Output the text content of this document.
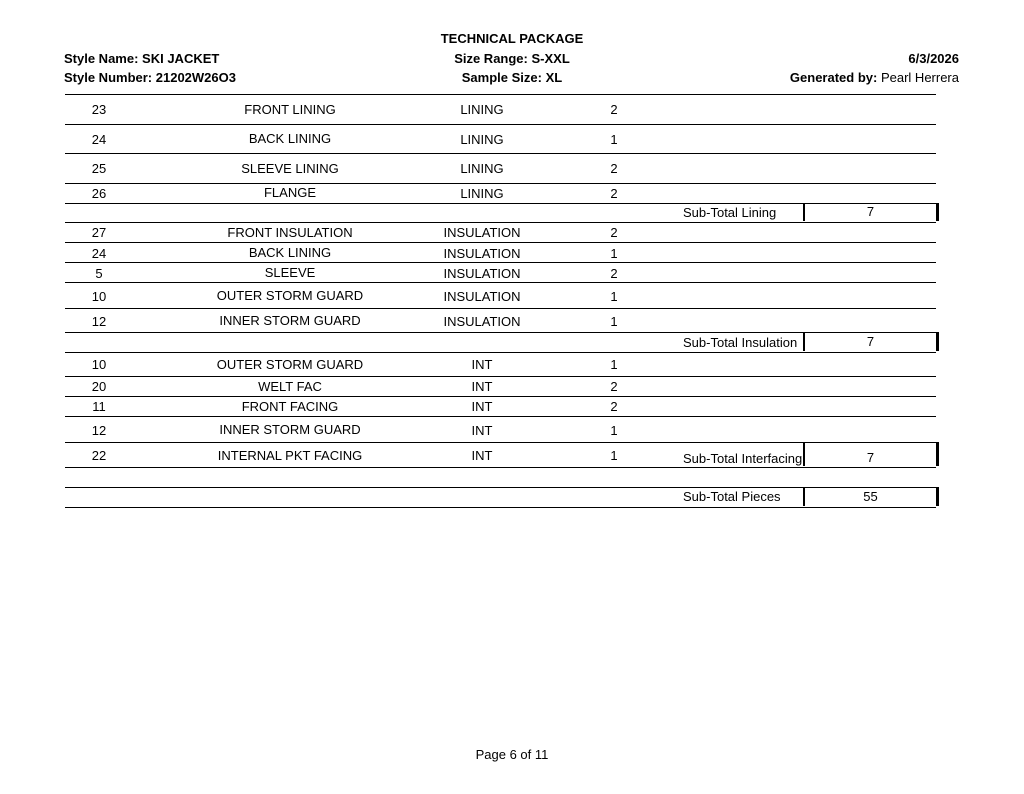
TECHNICAL PACKAGE
Style Name: SKI JACKET
Style Number: 21202W26O3
Size Range: S-XXL
Sample Size: XL
6/3/2026
Generated by: Pearl Herrera
23	FRONT LINING	LINING	2
24	BACK LINING	LINING	1
25	SLEEVE LINING	LINING	2
26	FLANGE	LINING	2
27	FRONT INSULATION	INSULATION	2
24	BACK LINING	INSULATION	1
5	SLEEVE	INSULATION	2
10	OUTER STORM GUARD	INSULATION	1
12	INNER STORM GUARD	INSULATION	1
10	OUTER STORM GUARD	INT	1
20	WELT FAC	INT	2
11	FRONT FACING	INT	2
12	INNER STORM GUARD	INT	1
22	INTERNAL PKT FACING	INT	1
Sub-Total Lining	7
Sub-Total Insulation	7
Sub-Total Interfacing	7
Sub-Total Pieces	55
Page 6 of 11
